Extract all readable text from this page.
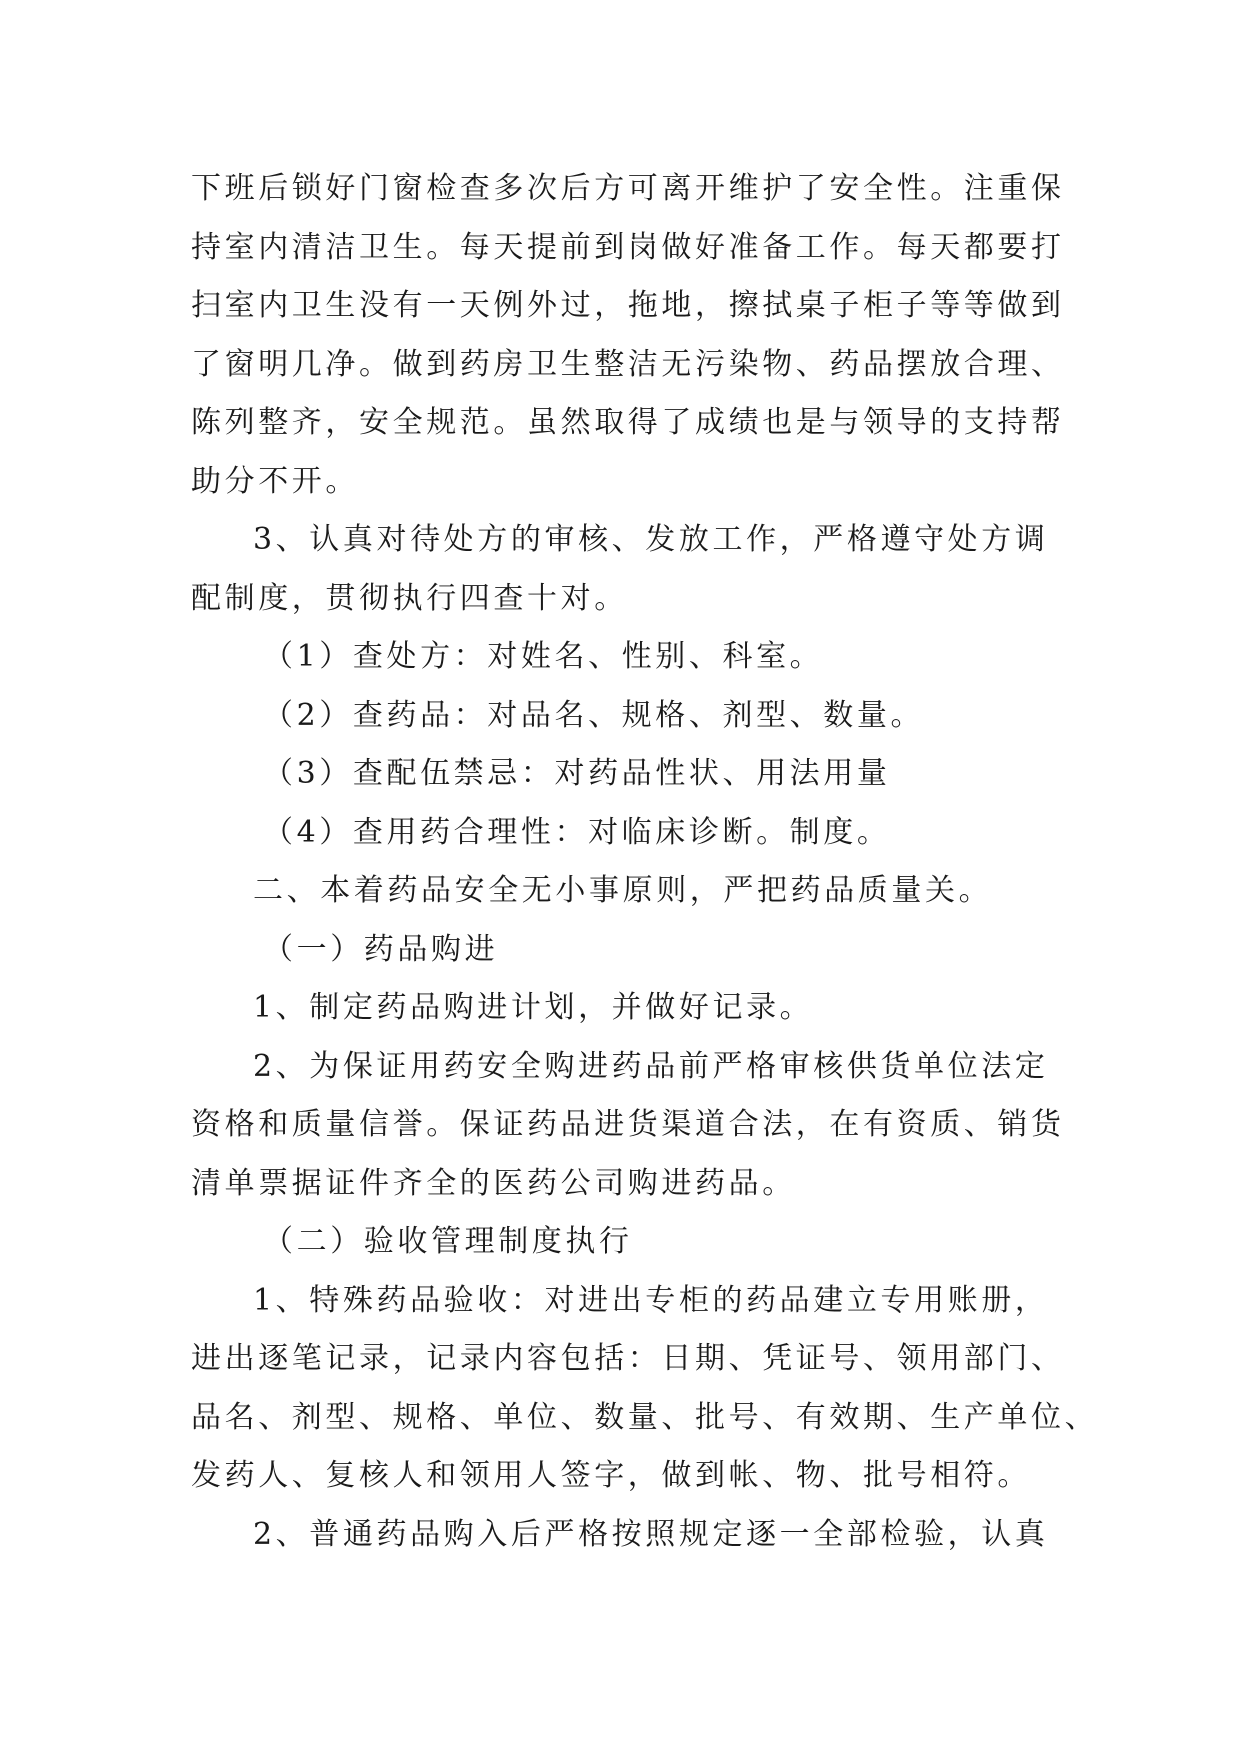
下班后锁好门窗检查多次后方可离开维护了安全性。注重保
持室内清洁卫生。每天提前到岗做好准备工作。每天都要打
扫室内卫生没有一天例外过，拖地，擦拭桌子柜子等等做到
了窗明几净。做到药房卫生整洁无污染物、药品摆放合理、
陈列整齐，安全规范。虽然取得了成绩也是与领导的支持帮
助分不开。
3、认真对待处方的审核、发放工作，严格遵守处方调
配制度，贯彻执行四查十对。
（1）查处方：对姓名、性别、科室。
（2）查药品：对品名、规格、剂型、数量。
（3）查配伍禁忌：对药品性状、用法用量
（4）查用药合理性：对临床诊断。制度。
二、本着药品安全无小事原则，严把药品质量关。
（一）药品购进
1、制定药品购进计划，并做好记录。
2、为保证用药安全购进药品前严格审核供货单位法定
资格和质量信誉。保证药品进货渠道合法，在有资质、销货
清单票据证件齐全的医药公司购进药品。
（二）验收管理制度执行
1、特殊药品验收：对进出专柜的药品建立专用账册，
进出逐笔记录，记录内容包括：日期、凭证号、领用部门、
品名、剂型、规格、单位、数量、批号、有效期、生产单位、
发药人、复核人和领用人签字，做到帐、物、批号相符。
2、普通药品购入后严格按照规定逐一全部检验，认真
